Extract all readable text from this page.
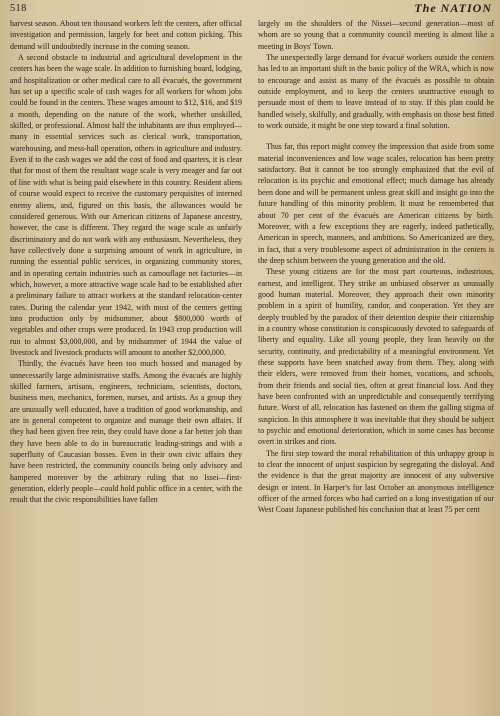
518	The NATION

harvest season. About ten thousand workers left the centers, after official investigation and permission, largely for beet and cotton picking. This demand will undoubtedly increase in the coming season.

A second obstacle to industrial and agricultural development in the centers has been the wage scale. In addition to furnishing board, lodging, and hospitalization or other medical care to all évacués, the government has set up a specific scale of cash wages for all workers for whom jobs could be found in the centers. These wages amount to $12, $16, and $19 a month, depending on the nature of the work, whether unskilled, skilled, or professional. Almost half the inhabitants are thus employed—many in essential services such as clerical work, transportation, warehousing, and mess-hall operation, others in agriculture and industry. Even if to the cash wages we add the cost of food and quarters, it is clear that for most of them the resultant wage scale is very meager and far out of line with what is being paid elsewhere in this country. Resident aliens of course would expect to receive the customary perquisites of interned enemy aliens, and, figured on this basis, the allowances would be considered generous. With our American citizens of Japanese ancestry, however, the case is different. They regard the wage scale as unfairly discriminatory and do not work with any enthusiasm. Nevertheless, they have collectively done a surprising amount of work in agriculture, in running the essential public services, in organizing community stores, and in operating certain industries such as camouflage net factories—in which, however, a more attractive wage scale had to be established after a preliminary failure to attract workers at the standard relocation-center rates. During the calendar year 1942, with most of the centers getting into production only by midsummer, about $800,000 worth of vegetables and other crops were produced. In 1943 crop production will run to almost $3,000,000, and by midsummer of 1944 the value of livestock and livestock products will amount to another $2,000,000.

Thirdly, the évacués have been too much bossed and managed by unnecessarily large administrative staffs. Among the évacués are highly skilled farmers, artisans, engineers, technicians, scientists, doctors, business men, mechanics, foremen, nurses, and artists. As a group they are unusually well educated, have a tradition of good workmanship, and are in general competent to organize and manage their own affairs. If they had been given free rein, they could have done a far better job than they have been able to do in bureaucratic leading-strings and with a superfluity of Caucasian bosses. Even in their own civic affairs they have been restricted, the community councils being only advisory and hampered moreover by the arbitrary ruling that no Issei—first-generation, elderly people—could hold public office in a center, with the result that the civic responsibilities have fallen

largely on the shoulders of the Nissei—second generation—most of whom are so young that a community council meeting is almost like a meeting in Boys' Town.

The unexpectedly large demand for évacué workers outside the centers has led to an important shift in the basic policy of the WRA, which is now to encourage and assist as many of the évacués as possible to obtain outside employment, and to keep the centers unattractive enough to persuade most of them to leave instead of to stay. If this plan could be handled wisely, skilfully, and gradually, with emphasis on those best fitted to work outside, it might be one step toward a final solution.

Thus far, this report might convey the impression that aside from some material inconveniences and low wage scales, relocation has been pretty satisfactory. But it cannot be too strongly emphasized that the evil of relocation is its psychic and emotional effect; much damage has already been done and will be permanent unless great skill and insight go into the future handling of this minority problem. It must be remembered that about 70 per cent of the évacués are American citizens by birth. Moreover, with a few exceptions they are eagerly, indeed pathetically, American in speech, manners, and ambitions. So Americanized are they, in fact, that a very troublesome aspect of administration in the centers is the deep schism between the young generation and the old.

These young citizens are for the most part courteous, industrious, earnest, and intelligent. They strike an unbiased observer as unusually good human material. Moreover, they approach their own minority problem in a spirit of humility, candor, and cooperation. Yet they are deeply troubled by the paradox of their detention despite their citizenship in a country whose constitution is conspicuously devoted to safeguards of liberty and equality. Like all young people, they lean heavily on the security, continuity, and predictability of a meaningful environment. Yet these supports have been snatched away from them. They, along with their elders, were removed from their homes, vocations, and schools, from their friends and social ties, often at great financial loss. And they have been confronted with an unpredictable and consequently terrifying future. Worst of all, relocation has fastened on them the galling stigma of suspicion. In this atmosphere it was inevitable that they should be subject to psychic and emotional deterioration, which in some cases has become overt in strikes and riots.

The first step toward the moral rehabilitation of this unhappy group is to clear the innocent of unjust suspicion by segregating the disloyal. And the evidence is that the great majority are innocent of any subversive design or intent. In Harper's for last October an anonymous intelligence officer of the armed forces who had carried on a long investigation of our West Coast Japanese published his conclusion that at least 75 per cent
